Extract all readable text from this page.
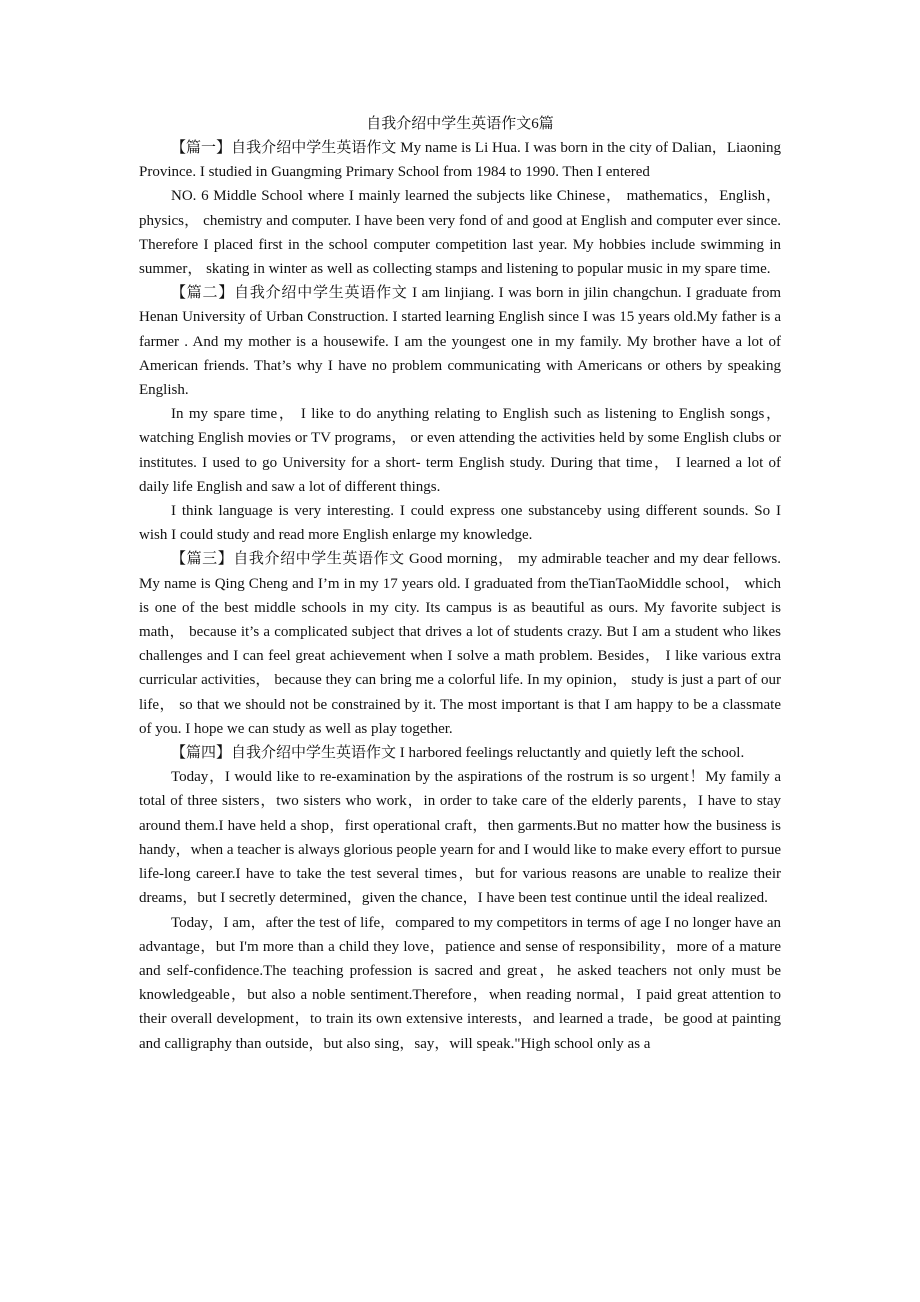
自我介绍中学生英语作文6篇

【篇一】自我介绍中学生英语作文 My name is Li Hua. I was born in the city of Dalian，Liaoning Province. I studied in Guangming Primary School from 1984 to 1990. Then I entered

NO. 6 Middle School where I mainly learned the subjects like Chinese， mathematics，English， physics， chemistry and computer. I have been very fond of and good at English and computer ever since. Therefore I placed first in the school computer competition last year. My hobbies include swimming in summer， skating in winter as well as collecting stamps and listening to popular music in my spare time.

【篇二】自我介绍中学生英语作文 I am linjiang. I was born in jilin changchun. I graduate from Henan University of Urban Construction. I started learning English since I was 15 years old.My father is a farmer . And my mother is a housewife. I am the youngest one in my family. My brother have a lot of American friends. That’s why I have no problem communicating with Americans or others by speaking English.

In my spare time， I like to do anything relating to English such as listening to English songs， watching English movies or TV programs， or even attending the activities held by some English clubs or institutes. I used to go University for a short- term English study. During that time， I learned a lot of daily life English and saw a lot of different things.

I think language is very interesting. I could express one substanceby using different sounds. So I wish I could study and read more English enlarge my knowledge.

【篇三】自我介绍中学生英语作文 Good morning， my admirable teacher and my dear fellows. My name is Qing Cheng and I’m in my 17 years old. I graduated from theTianTaoMiddle school， which is one of the best middle schools in my city. Its campus is as beautiful as ours. My favorite subject is math， because it’s a complicated subject that drives a lot of students crazy. But I am a student who likes challenges and I can feel great achievement when I solve a math problem. Besides， I like various extra curricular activities， because they can bring me a colorful life. In my opinion， study is just a part of our life， so that we should not be constrained by it. The most important is that I am happy to be a classmate of you. I hope we can study as well as play together.

【篇四】自我介绍中学生英语作文 I harbored feelings reluctantly and quietly left the school.

Today，I would like to re-examination by the aspirations of the rostrum is so urgent！My family a total of three sisters，two sisters who work，in order to take care of the elderly parents，I have to stay around them.I have held a shop，first operational craft，then garments.But no matter how the business is handy，when a teacher is always glorious people yearn for and I would like to make every effort to pursue life-long career.I have to take the test several times，but for various reasons are unable to realize their dreams，but I secretly determined，given the chance，I have been test continue until the ideal realized.

Today，I am，after the test of life，compared to my competitors in terms of age I no longer have an advantage，but I'm more than a child they love，patience and sense of responsibility，more of a mature and self-confidence.The teaching profession is sacred and great，he asked teachers not only must be knowledgeable，but also a noble sentiment.Therefore，when reading normal，I paid great attention to their overall development，to train its own extensive interests，and learned a trade，be good at painting and calligraphy than outside，but also sing，say，will speak."High school only as a
